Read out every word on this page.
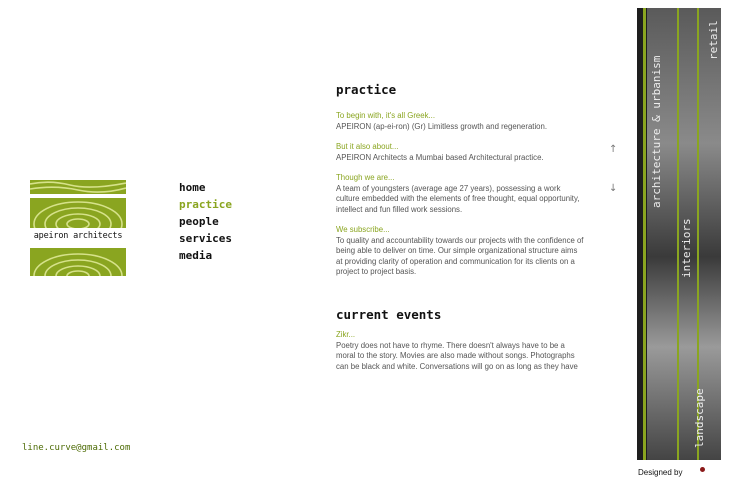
apeiron architects
home
practice
people
services
media
line.curve@gmail.com
practice
To begin with, it's all Greek...
APEIRON (ap-ei-ron) (Gr) Limitless growth and regeneration.
But it also about...
APEIRON Architects a Mumbai based Architectural practice.
Though we are...
A team of youngsters (average age 27 years), possessing a work culture embedded with the elements of free thought, equal opportunity, intellect and fun filled work sessions.
We subscribe...
To quality and accountability towards our projects with the confidence of being able to deliver on time. Our simple organizational structure aims at providing clarity of operation and communication for its clients on a project to project basis.
current events
Zikr...
Poetry does not have to rhyme. There doesn't always have to be a moral to the story. Movies are also made without songs. Photographs can be black and white. Conversations will go on as long as they have
↑
↓	architecture & urbanism
retail
interiors
landscape
Designed by
